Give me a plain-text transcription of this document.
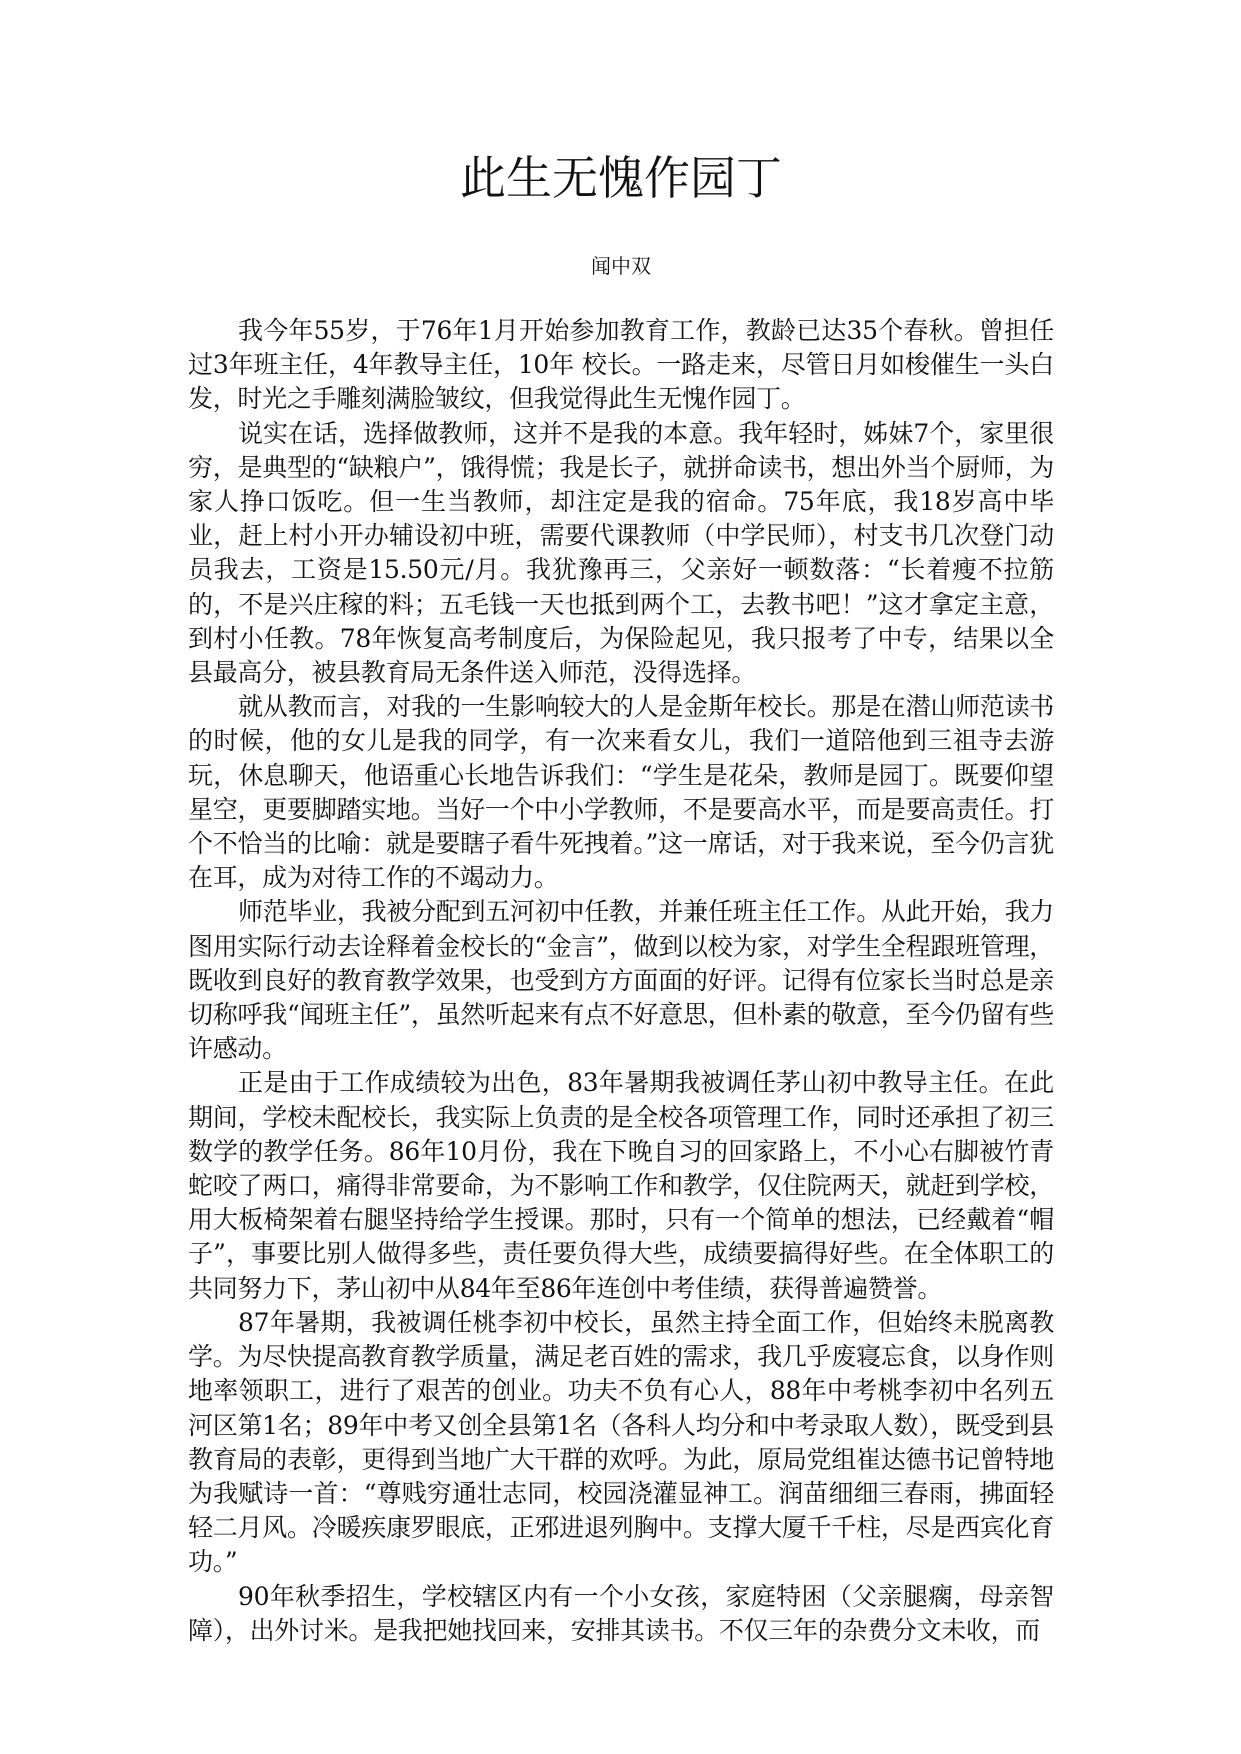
此生无愧作园丁

闻中双

我今年55岁，于76年1月开始参加教育工作，教龄已达35个春秋。曾担任过3年班主任，4年教导主任，10年 校长。一路走来，尽管日月如梭催生一头白发，时光之手雕刻满脸皱纹，但我觉得此生无愧作园丁。

说实在话，选择做教师，这并不是我的本意。我年轻时，姊妹7个，家里很穷，是典型的“缺粮户”，饿得慌；我是长子，就拼命读书，想出外当个厨师，为家人挣口饭吃。但一生当教师，却注定是我的宿命。75年底，我18岁高中毕业，赶上村小开办辅设初中班，需要代课教师（中学民师），村支书几次登门动员我去，工资是15.50元/月。我犹豫再三，父亲好一顿数落：“长着瘦不拉筋的，不是兴庄稼的料；五毛钱一天也抵到两个工，去教书吧！”这才拿定主意，到村小任教。78年恢复高考制度后，为保险起见，我只报考了中专，结果以全县最高分，被县教育局无条件送入师范，没得选择。

就从教而言，对我的一生影响较大的人是金斯年校长。那是在潜山师范读书的时候，他的女儿是我的同学，有一次来看女儿，我们一道陪他到三祖寺去游玩，休息聊天，他语重心长地告诉我们：“学生是花朵，教师是园丁。既要仰望星空，更要脚踏实地。当好一个中小学教师，不是要高水平，而是要高责任。打个不恰当的比喻：就是要瞎子看牛死拽着。”这一席话，对于我来说，至今仍言犹在耳，成为对待工作的不竭动力。

师范毕业，我被分配到五河初中任教，并兼任班主任工作。从此开始，我力图用实际行动去诠释着金校长的“金言”，做到以校为家，对学生全程跟班管理，既收到良好的教育教学效果，也受到方方面面的好评。记得有位家长当时总是亲切称呼我“闻班主任”，虽然听起来有点不好意思，但朴素的敬意，至今仍留有些许感动。

正是由于工作成绩较为出色，83年暑期我被调任茅山初中教导主任。在此期间，学校未配校长，我实际上负责的是全校各项管理工作，同时还承担了初三数学的教学任务。86年10月份，我在下晚自习的回家路上，不小心右脚被竹青蛇咬了两口，痛得非常要命，为不影响工作和教学，仅住院两天，就赶到学校，用大板椅架着右腿坚持给学生授课。那时，只有一个简单的想法，已经戴着“帽子”，事要比别人做得多些，责任要负得大些，成绩要搞得好些。在全体职工的共同努力下，茅山初中从84年至86年连创中考佳绩，获得普遍赞誉。

87年暑期，我被调任桃李初中校长，虽然主持全面工作，但始终未脱离教学。为尽快提高教育教学质量，满足老百姓的需求，我几乎废寝忘食，以身作则地率领职工，进行了艰苦的创业。功夫不负有心人，88年中考桃李初中名列五河区第1名；89年中考又创全县第1名（各科人均分和中考录取人数），既受到县教育局的表彰，更得到当地广大干群的欢呼。为此，原局党组崔达德书记曾特地为我赋诗一首：“尊贱穷通壮志同，校园浇灌显神工。润苗细细三春雨，拂面轻轻二月风。冷暖疾康罗眼底，正邪进退列胸中。支撑大厦千千柱，尽是西宾化育功。”

90年秋季招生，学校辖区内有一个小女孩，家庭特困（父亲腿瘸，母亲智障），出外讨米。是我把她找回来，安排其读书。不仅三年的杂费分文未收，而
